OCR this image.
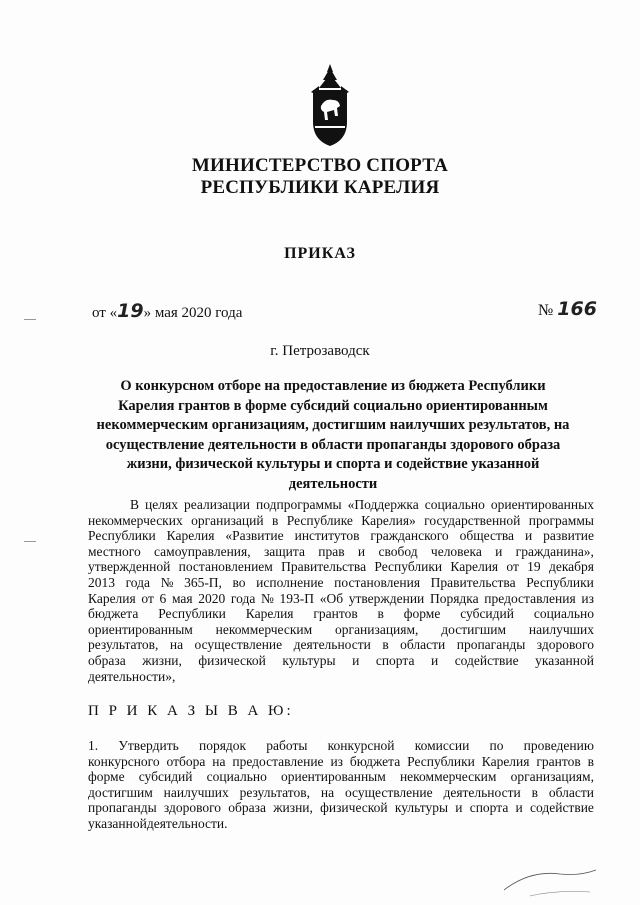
МИНИСТЕРСТВО СПОРТА
РЕСПУБЛИКИ КАРЕЛИЯ
ПРИКАЗ
от «19» мая 2020 года	№ 166
г. Петрозаводск
О конкурсном отборе на предоставление из бюджета Республики
Карелия грантов в форме субсидий социально ориентированным
некоммерческим организациям, достигшим наилучших результатов, на
осуществление деятельности в области пропаганды здорового образа
жизни, физической культуры и спорта и содействие указанной
деятельности
В целях реализации подпрограммы «Поддержка социально ориентированных
некоммерческих организаций в Республике Карелия» государственной программы
Республики Карелия «Развитие институтов гражданского общества и развитие
местного самоуправления, защита прав и свобод человека и гражданина»,
утвержденной постановлением Правительства Республики Карелия от 19 декабря
2013 года № 365-П, во исполнение постановления Правительства Республики
Карелия от 6 мая 2020 года № 193-П «Об утверждении Порядка предоставления из
бюджета Республики Карелия грантов в форме субсидий социально
ориентированным некоммерческим организациям, достигшим наилучших
результатов, на осуществление деятельности в области пропаганды здорового
образа жизни, физической культуры и спорта и содействие указанной
деятельности»,
П Р И К А З Ы В А Ю:
1. Утвердить порядок работы конкурсной комиссии по проведению
конкурсного отбора на предоставление из бюджета Республики Карелия грантов в
форме субсидий социально ориентированным некоммерческим организациям,
достигшим наилучших результатов, на осуществление деятельности в области
пропаганды здорового образа жизни, физической культуры и спорта и содействие
указанной деятельности.
